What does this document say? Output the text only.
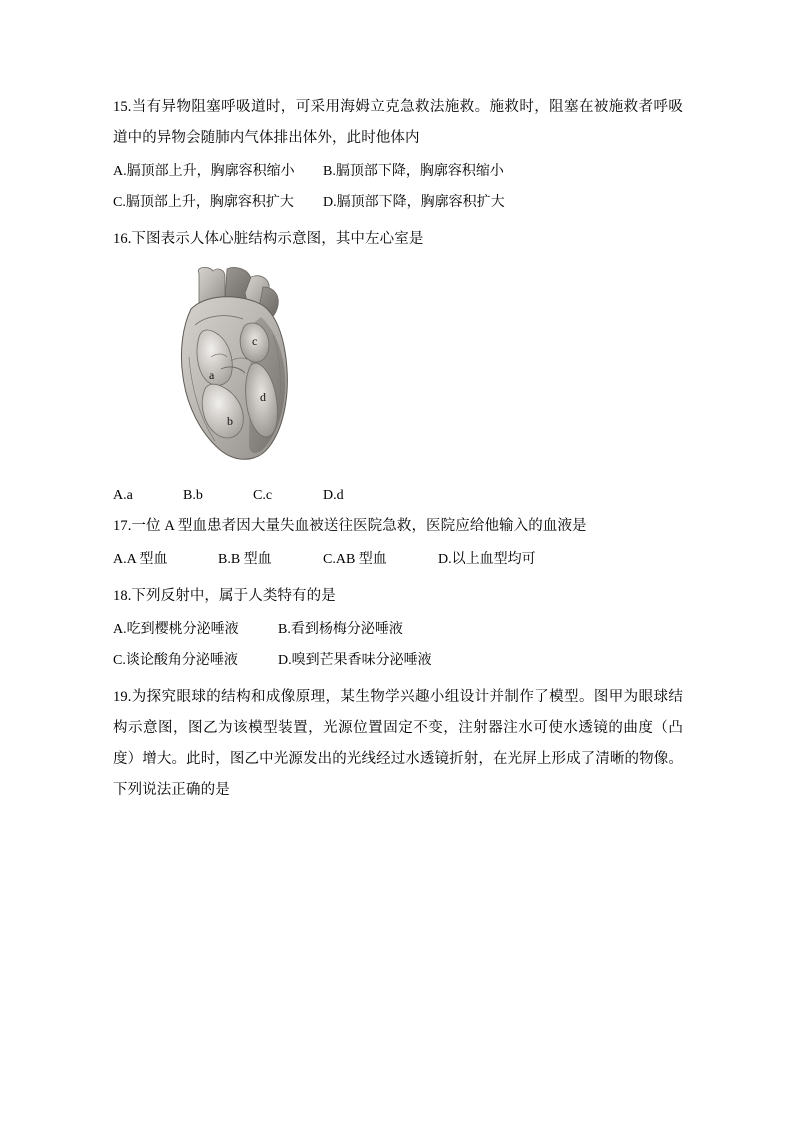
15.当有异物阻塞呼吸道时，可采用海姆立克急救法施救。施救时，阻塞在被施救者呼吸道中的异物会随肺内气体排出体外，此时他体内
A.膈顶部上升，胸廓容积缩小 B.膈顶部下降，胸廓容积缩小
C.膈顶部上升，胸廓容积扩大 D.膈顶部下降，胸廓容积扩大
16.下图表示人体心脏结构示意图，其中左心室是
a
b
c
d
A.a	B.b	C.c	D.d
17.一位 A 型血患者因大量失血被送往医院急救，医院应给他输入的血液是
A.A 型血	B.B 型血	C.AB 型血	D.以上血型均可
18.下列反射中，属于人类特有的是
A.吃到樱桃分泌唾液	B.看到杨梅分泌唾液
C.谈论酸角分泌唾液	D.嗅到芒果香味分泌唾液
19.为探究眼球的结构和成像原理，某生物学兴趣小组设计并制作了模型。图甲为眼球结构示意图，图乙为该模型装置，光源位置固定不变，注射器注水可使水透镜的曲度（凸度）增大。此时，图乙中光源发出的光线经过水透镜折射，在光屏上形成了清晰的物像。下列说法正确的是
